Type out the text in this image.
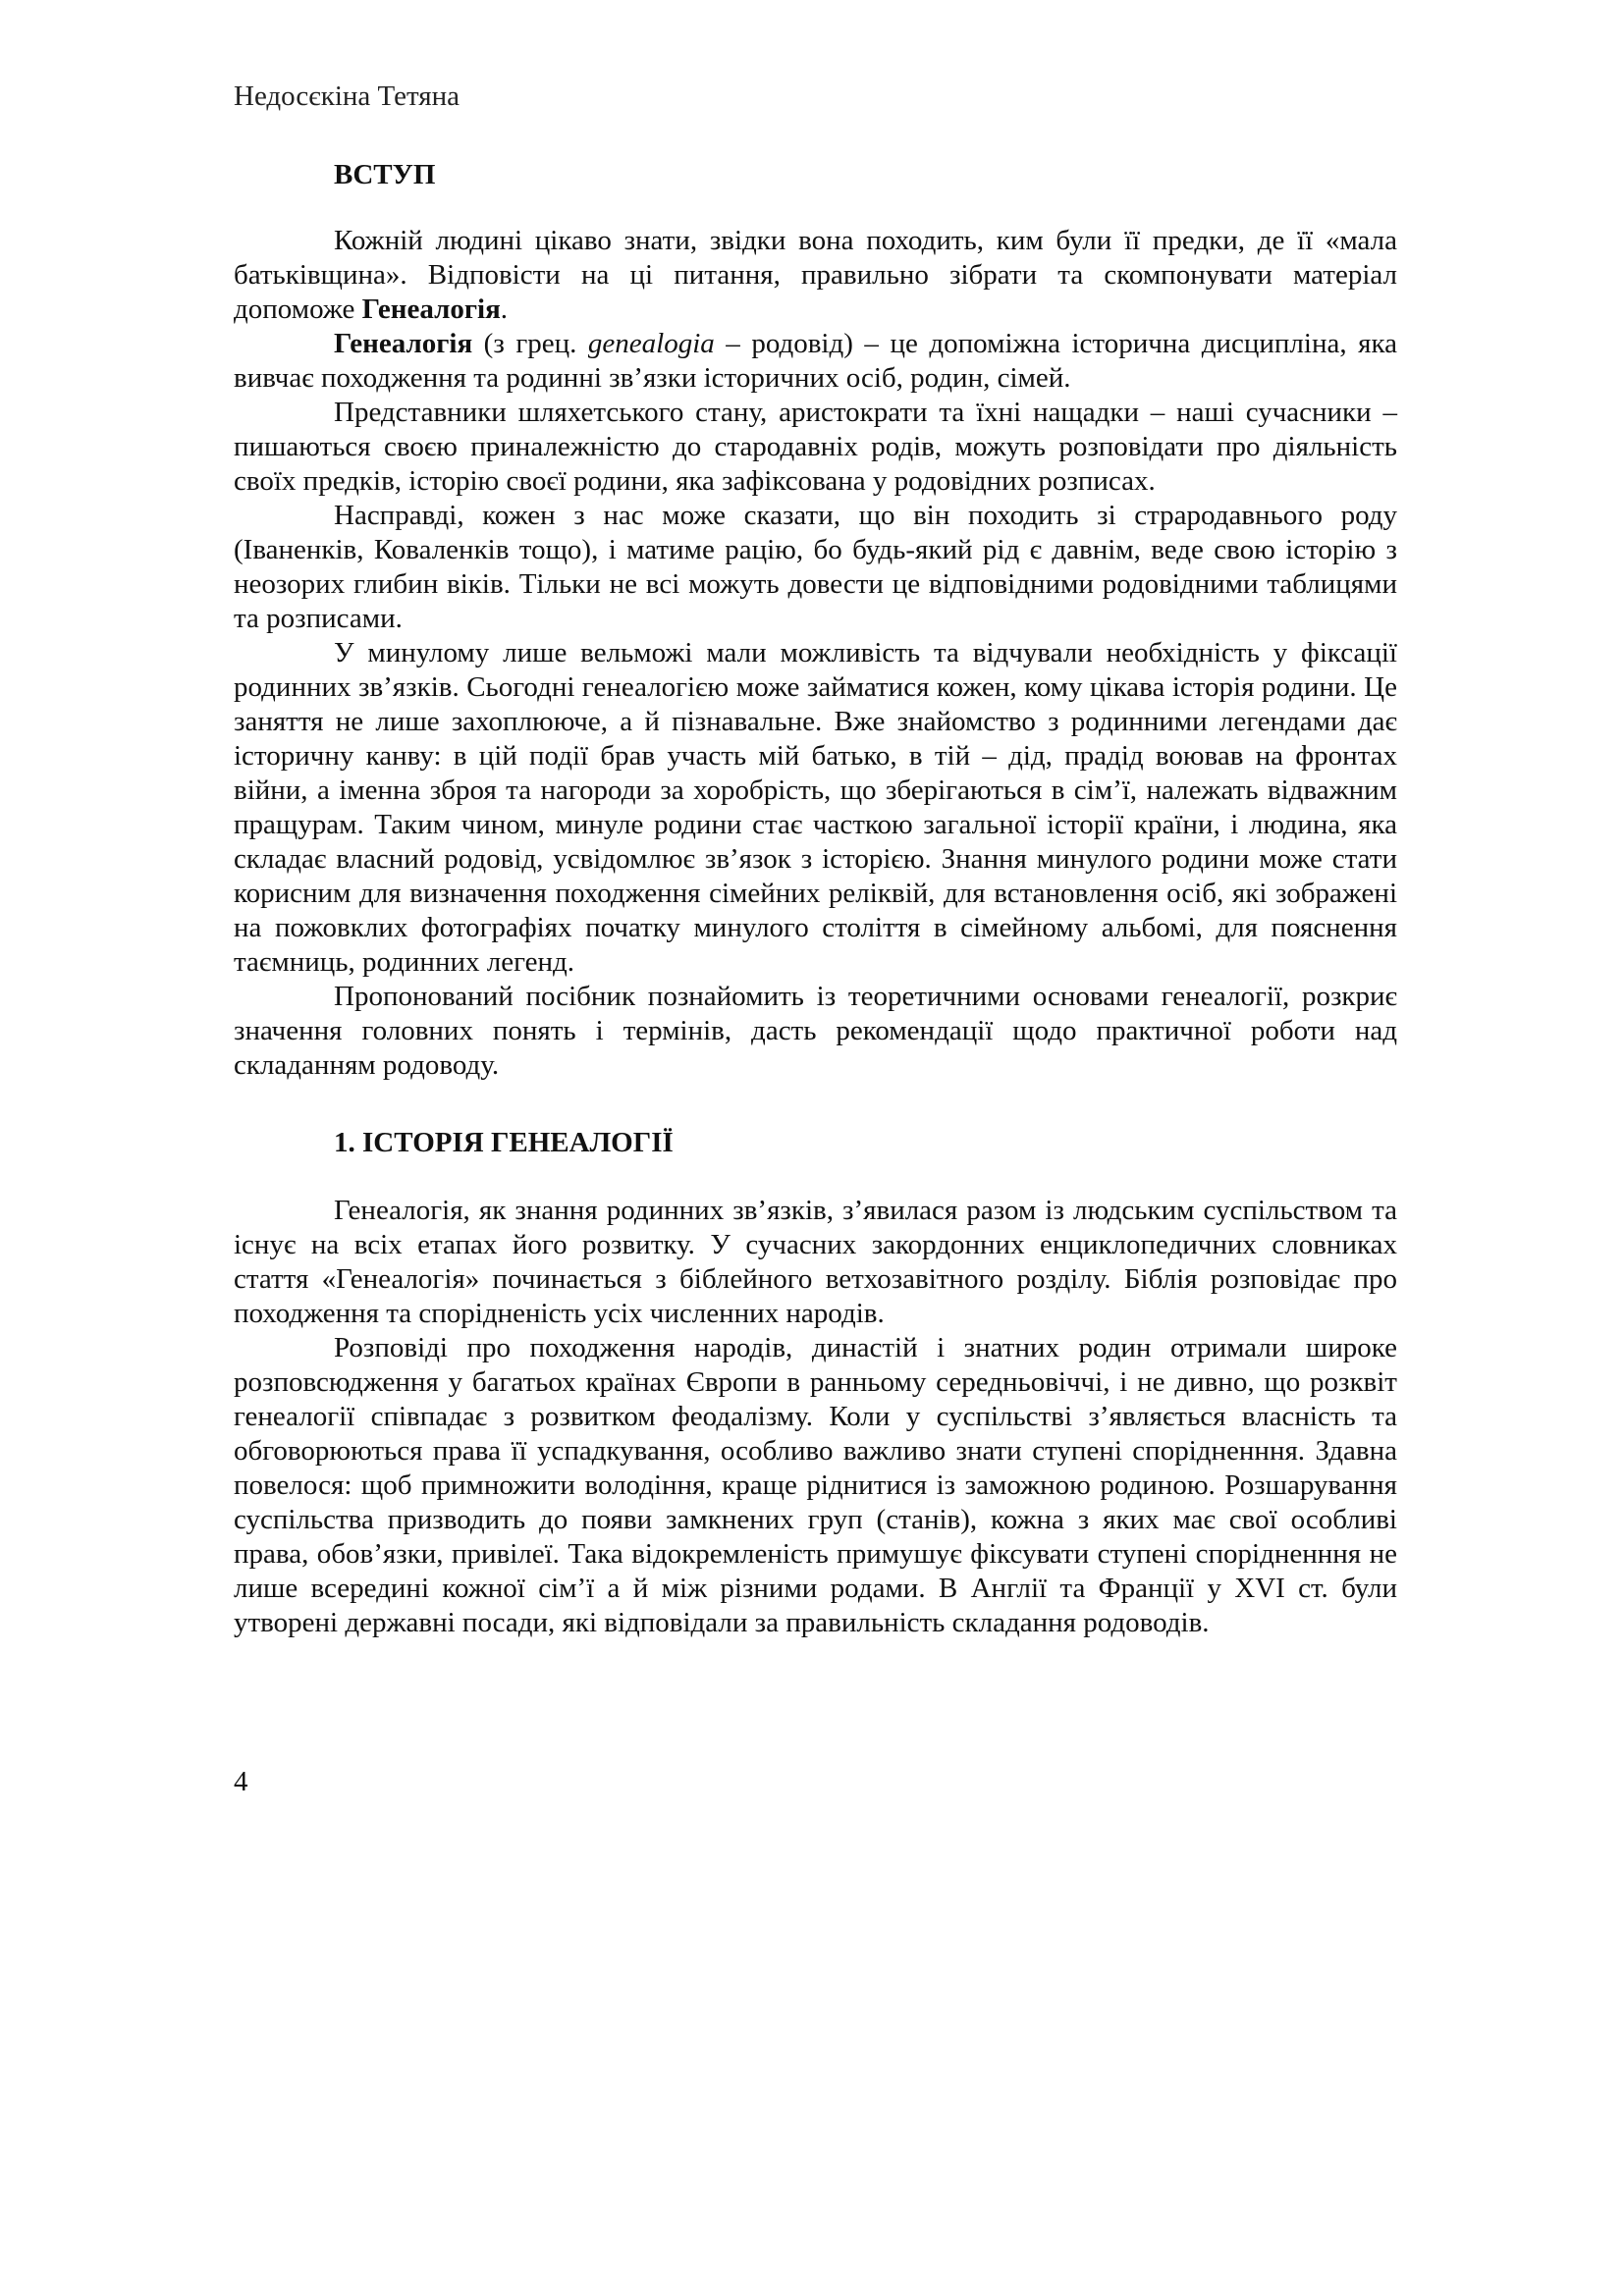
Недосєкіна Тетяна
ВСТУП

Кожній людині цікаво знати, звідки вона походить, ким були її предки, де її «мала батьківщина». Відповісти на ці питання, правильно зібрати та скомпонувати матеріал допоможе Генеалогія.

Генеалогія (з грец. genealogia – родовід) – це допоміжна історична дисципліна, яка вивчає походження та родинні зв’язки історичних осіб, родин, сімей.

Представники шляхетського стану, аристократи та їхні нащадки – наші сучасники – пишаються своєю приналежністю до стародавніх родів, можуть розповідати про діяльність своїх предків, історію своєї родини, яка зафіксована у родовідних розписах.

Насправді, кожен з нас може сказати, що він походить зі страродавнього роду (Іваненків, Коваленків тощо), і матиме рацію, бо будь-який рід є давнім, веде свою історію з неозорих глибин віків. Тільки не всі можуть довести це відповідними родовідними таблицями та розписами.

У минулому лише вельможі мали можливість та відчували необхідність у фіксації родинних зв’язків. Сьогодні генеалогією може займатися кожен, кому цікава історія родини. Це заняття не лише захоплююче, а й пізнавальне. Вже знайомство з родинними легендами дає історичну канву: в цій події брав участь мій батько, в тій – дід, прадід воював на фронтах війни, а іменна зброя та нагороди за хоробрість, що зберігаються в сім’ї, належать відважним пращурам. Таким чином, минуле родини стає часткою загальної історії країни, і людина, яка складає власний родовід, усвідомлює зв’язок з історією. Знання минулого родини може стати корисним для визначення походження сімейних реліквій, для встановлення осіб, які зображені на пожовклих фотографіях початку минулого століття в сімейному альбомі, для пояснення таємниць, родинних легенд.

Пропонований посібник познайомить із теоретичними основами генеалогії, розкриє значення головних понять і термінів, дасть рекомендації щодо практичної роботи над складанням родоводу.

1. ІСТОРІЯ ГЕНЕАЛОГІЇ

Генеалогія, як знання родинних зв’язків, з’явилася разом із людським суспільством та існує на всіх етапах його розвитку. У сучасних закордонних енциклопедичних словниках стаття «Генеалогія» починається з біблейного ветхозавітного розділу. Біблія розповідає про походження та спорідненість усіх численних народів.

Розповіді про походження народів, династій і знатних родин отримали широке розповсюдження у багатьох країнах Європи в ранньому середньовіччі, і не дивно, що розквіт генеалогії співпадає з розвитком феодалізму. Коли у суспільстві з’являється власність та обговорюються права її успадкування, особливо важливо знати ступені спорідненння. Здавна повелося: щоб примножити володіння, краще ріднитися із заможною родиною. Розшарування суспільства призводить до появи замкнених груп (станів), кожна з яких має свої особливі права, обов’язки, привілеї. Така відокремленість примушує фіксувати ступені спорідненння не лише всередині кожної сім’ї а й між різними родами. В Англії та Франції у XVI ст. були утворені державні посади, які відповідали за правильність складання родоводів.

4
